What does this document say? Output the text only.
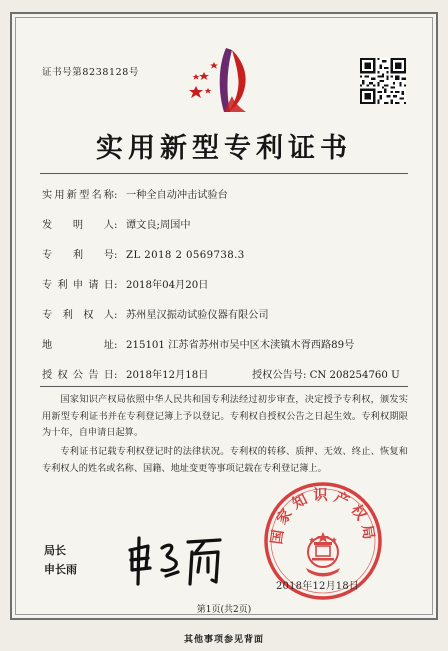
证书号第8238128号
实用新型专利证书
实用新型名称: 一种全自动冲击试验台
发明人: 谭文良;周国中
专利号: ZL 2018 2 0569738.3
专利申请日: 2018年04月20日
专利权人: 苏州星汉振动试验仪器有限公司
地址: 215101 江苏省苏州市吴中区木渎镇木胥西路89号
授权公告日: 2018年12月18日	授权公告号: CN 208254760 U

国家知识产权局依照中华人民共和国专利法经过初步审查，决定授予专利权，颁发实用新型专利证书并在专利登记簿上予以登记。专利权自授权公告之日起生效。专利权期限为十年，自申请日起算。

专利证书记载专利权登记时的法律状况。专利权的转移、质押、无效、终止、恢复和专利权人的姓名或名称、国籍、地址变更等事项记载在专利登记簿上。

局长
申长雨
国家知识产权局
2018年12月18日
第1页(共2页)
其他事项参见背面
